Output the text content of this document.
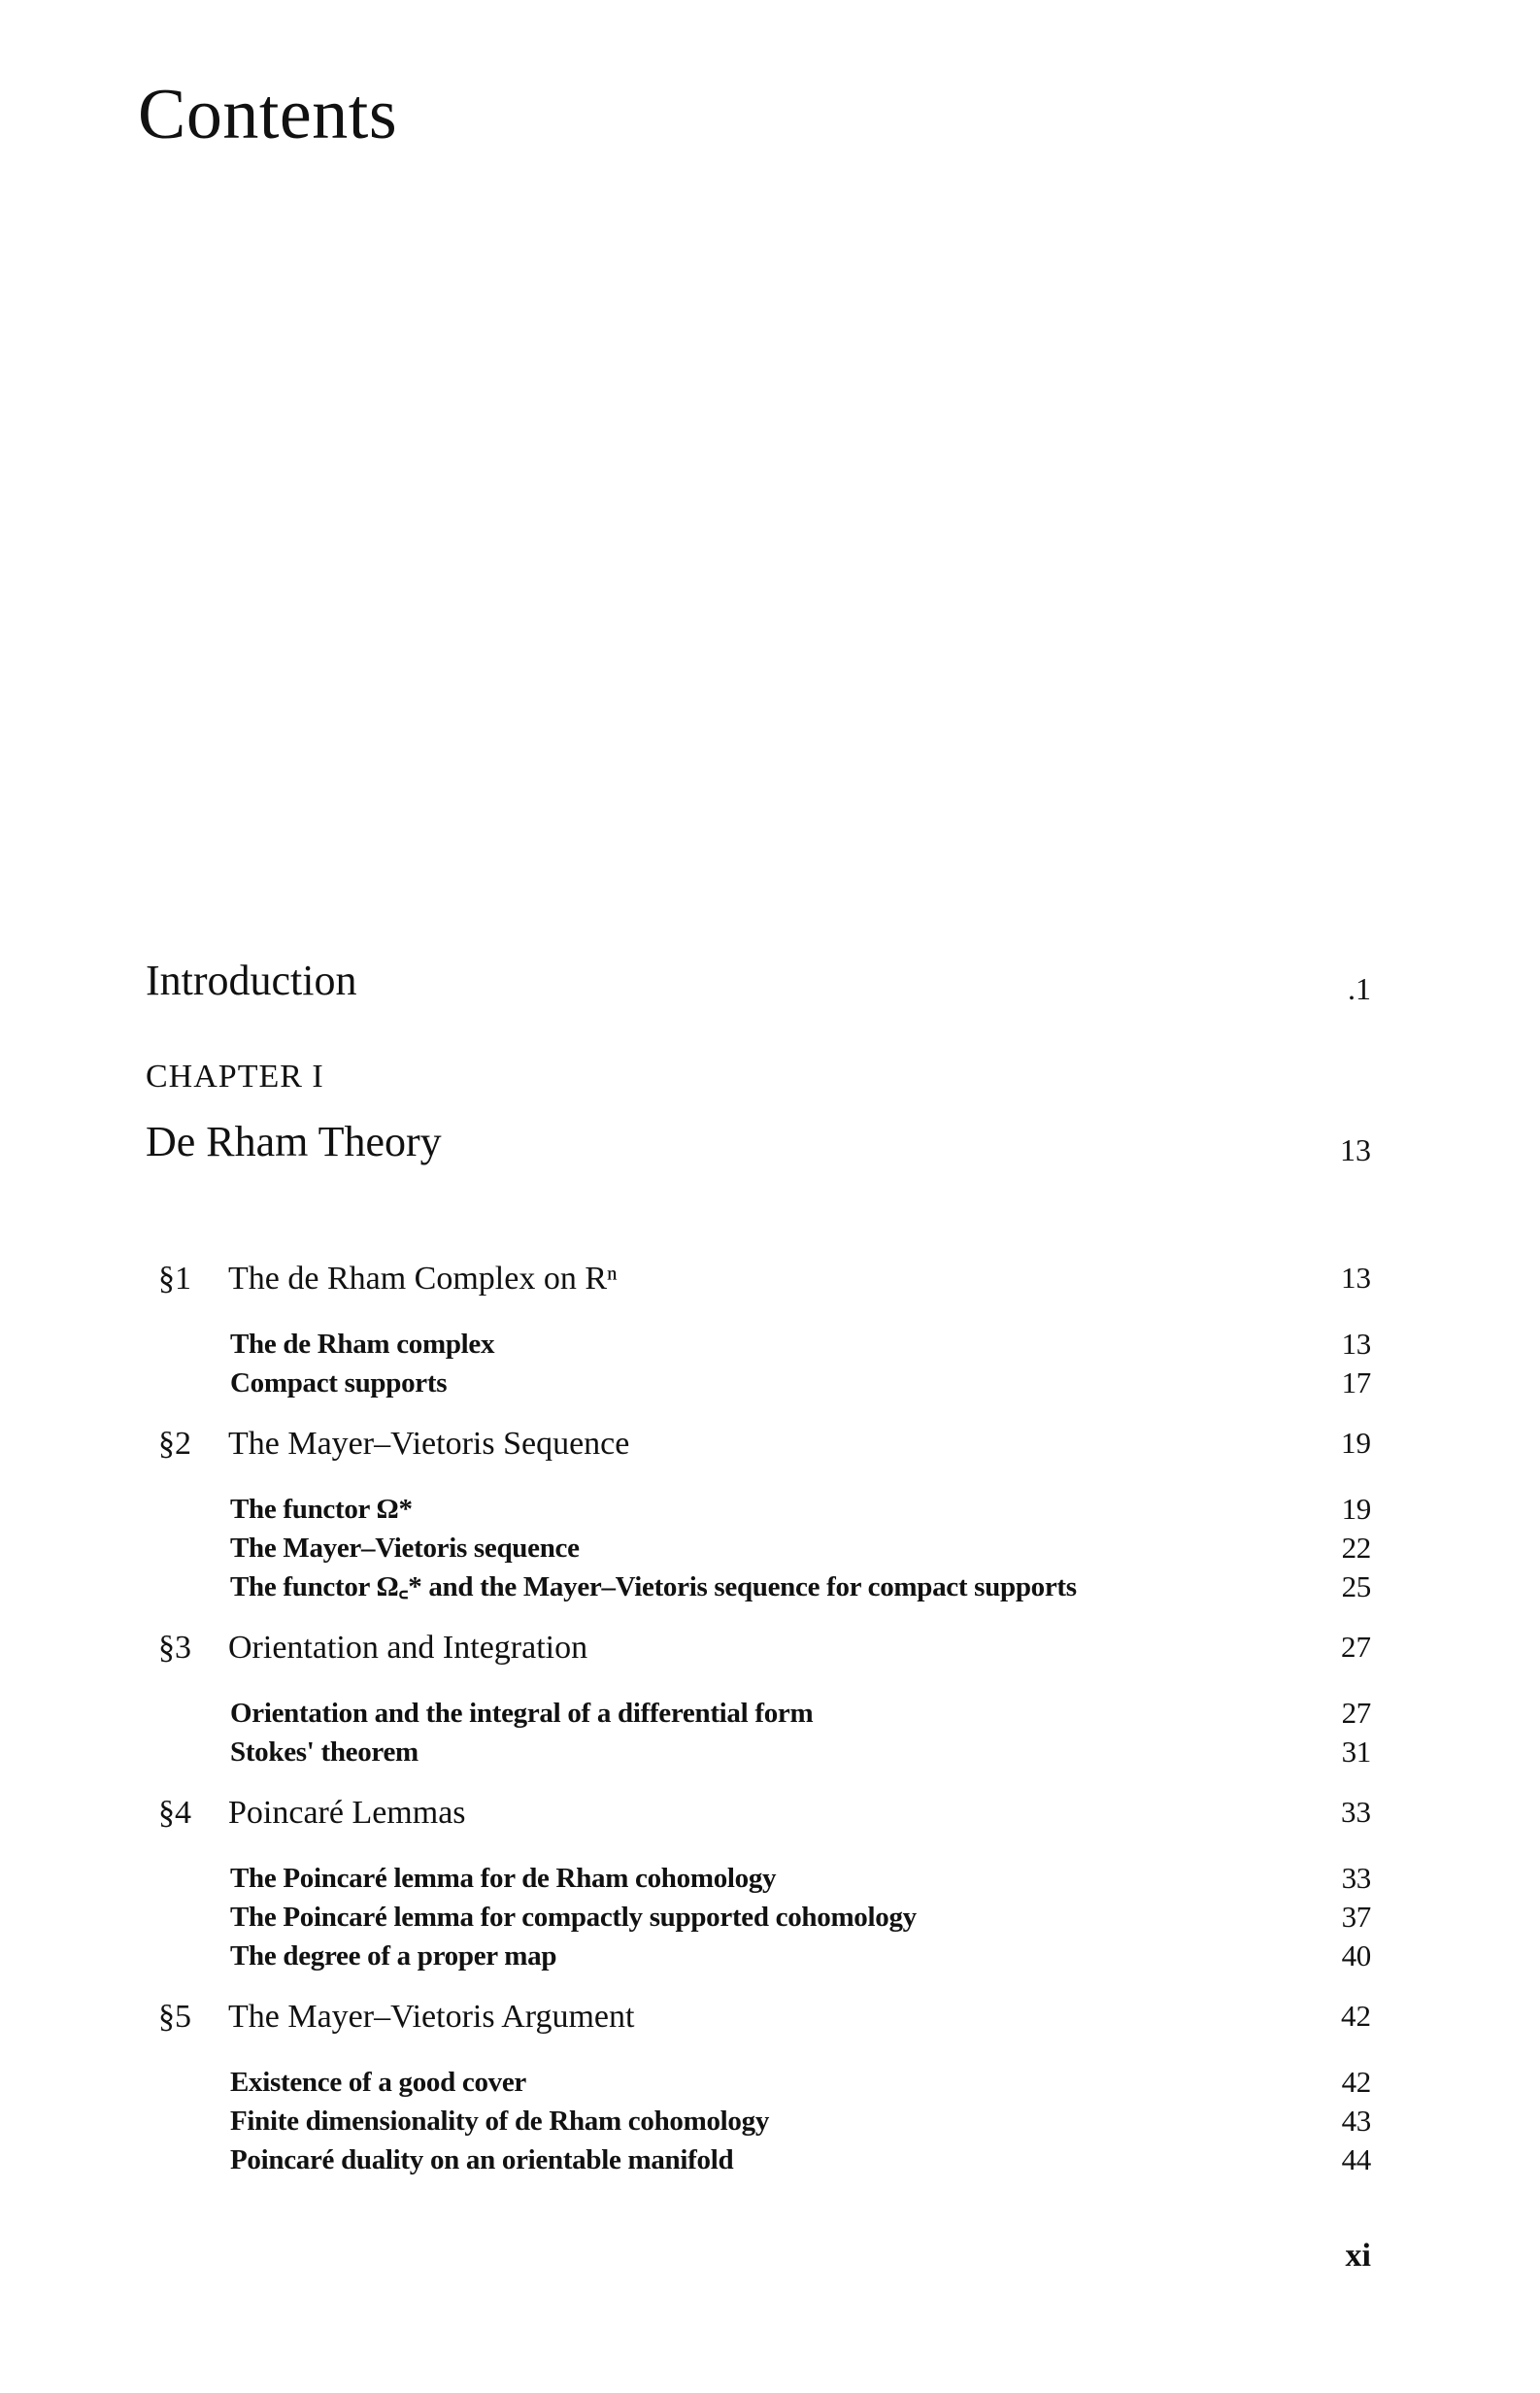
Contents
Introduction	.1
CHAPTER I
De Rham Theory	13
§1 The de Rham Complex on Rⁿ	13
The de Rham complex	13
Compact supports	17
§2 The Mayer–Vietoris Sequence	19
The functor Ω*	19
The Mayer–Vietoris sequence	22
The functor Ω꜀* and the Mayer–Vietoris sequence for compact supports	25
§3 Orientation and Integration	27
Orientation and the integral of a differential form	27
Stokes' theorem	31
§4 Poincaré Lemmas	33
The Poincaré lemma for de Rham cohomology	33
The Poincaré lemma for compactly supported cohomology	37
The degree of a proper map	40
§5 The Mayer–Vietoris Argument	42
Existence of a good cover	42
Finite dimensionality of de Rham cohomology	43
Poincaré duality on an orientable manifold	44
xi
